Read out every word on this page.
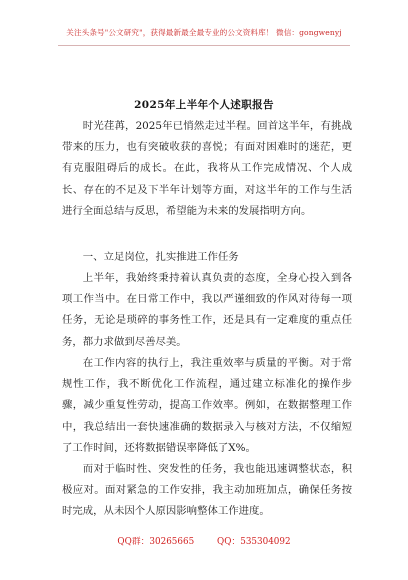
关注头条号"公文研究"，获得最新最全最专业的公文资料库！ 微信：gongwenyj
2025年上半年个人述职报告

时光荏苒，2025年已悄然走过半程。回首这半年，有挑战带来的压力，也有突破收获的喜悦；有面对困难时的迷茫，更有克服阻碍后的成长。在此，我将从工作完成情况、个人成长、存在的不足及下半年计划等方面，对这半年的工作与生活进行全面总结与反思，希望能为未来的发展指明方向。

一、立足岗位，扎实推进工作任务

上半年，我始终秉持着认真负责的态度，全身心投入到各项工作当中。在日常工作中，我以严谨细致的作风对待每一项任务，无论是琐碎的事务性工作，还是具有一定难度的重点任务，都力求做到尽善尽美。

在工作内容的执行上，我注重效率与质量的平衡。对于常规性工作，我不断优化工作流程，通过建立标准化的操作步骤，减少重复性劳动，提高工作效率。例如，在数据整理工作中，我总结出一套快速准确的数据录入与核对方法，不仅缩短了工作时间，还将数据错误率降低了X%。

而对于临时性、突发性的任务，我也能迅速调整状态，积极应对。面对紧急的工作安排，我主动加班加点，确保任务按时完成，从未因个人原因影响整体工作进度。

QQ群：30265665	QQ：535304092
